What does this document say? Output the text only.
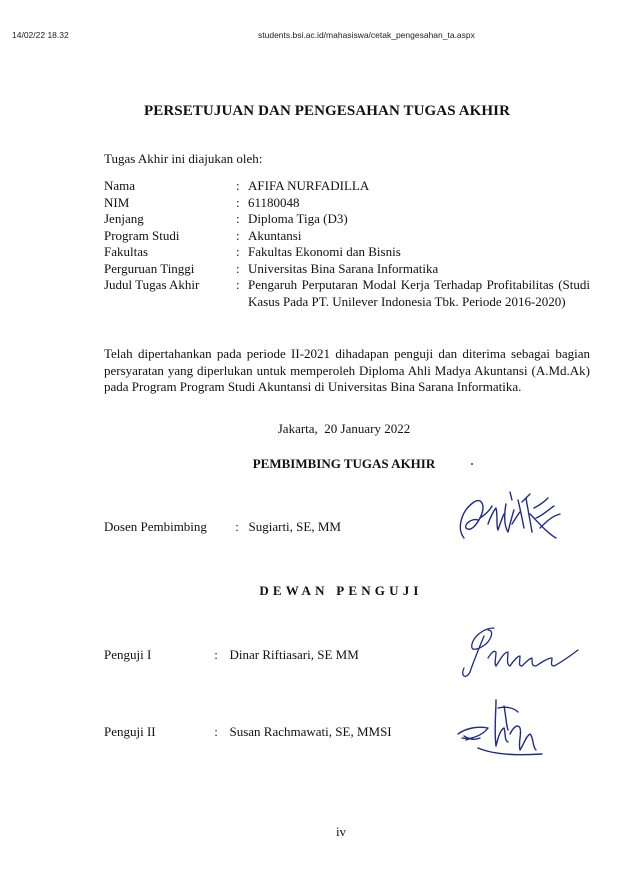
14/02/22 18.32	students.bsi.ac.id/mahasiswa/cetak_pengesahan_ta.aspx
PERSETUJUAN DAN PENGESAHAN TUGAS AKHIR
Tugas Akhir ini diajukan oleh:
Nama	: AFIFA NURFADILLA
NIM	: 61180048
Jenjang	: Diploma Tiga (D3)
Program Studi	: Akuntansi
Fakultas	: Fakultas Ekonomi dan Bisnis
Perguruan Tinggi	: Universitas Bina Sarana Informatika
Judul Tugas Akhir	: Pengaruh Perputaran Modal Kerja Terhadap Profitabilitas (Studi Kasus Pada PT. Unilever Indonesia Tbk. Periode 2016-2020)
Telah dipertahankan pada periode II-2021 dihadapan penguji dan diterima sebagai bagian persyaratan yang diperlukan untuk memperoleh Diploma Ahli Madya Akuntansi (A.Md.Ak) pada Program Program Studi Akuntansi di Universitas Bina Sarana Informatika.
Jakarta,  20 January 2022
PEMBIMBING TUGAS AKHIR
Dosen Pembimbing : Sugiarti, SE, MM
DEWAN PENGUJI
Penguji I	: Dinar Riftiasari, SE MM
Penguji II	: Susan Rachmawati, SE, MMSI
iv
